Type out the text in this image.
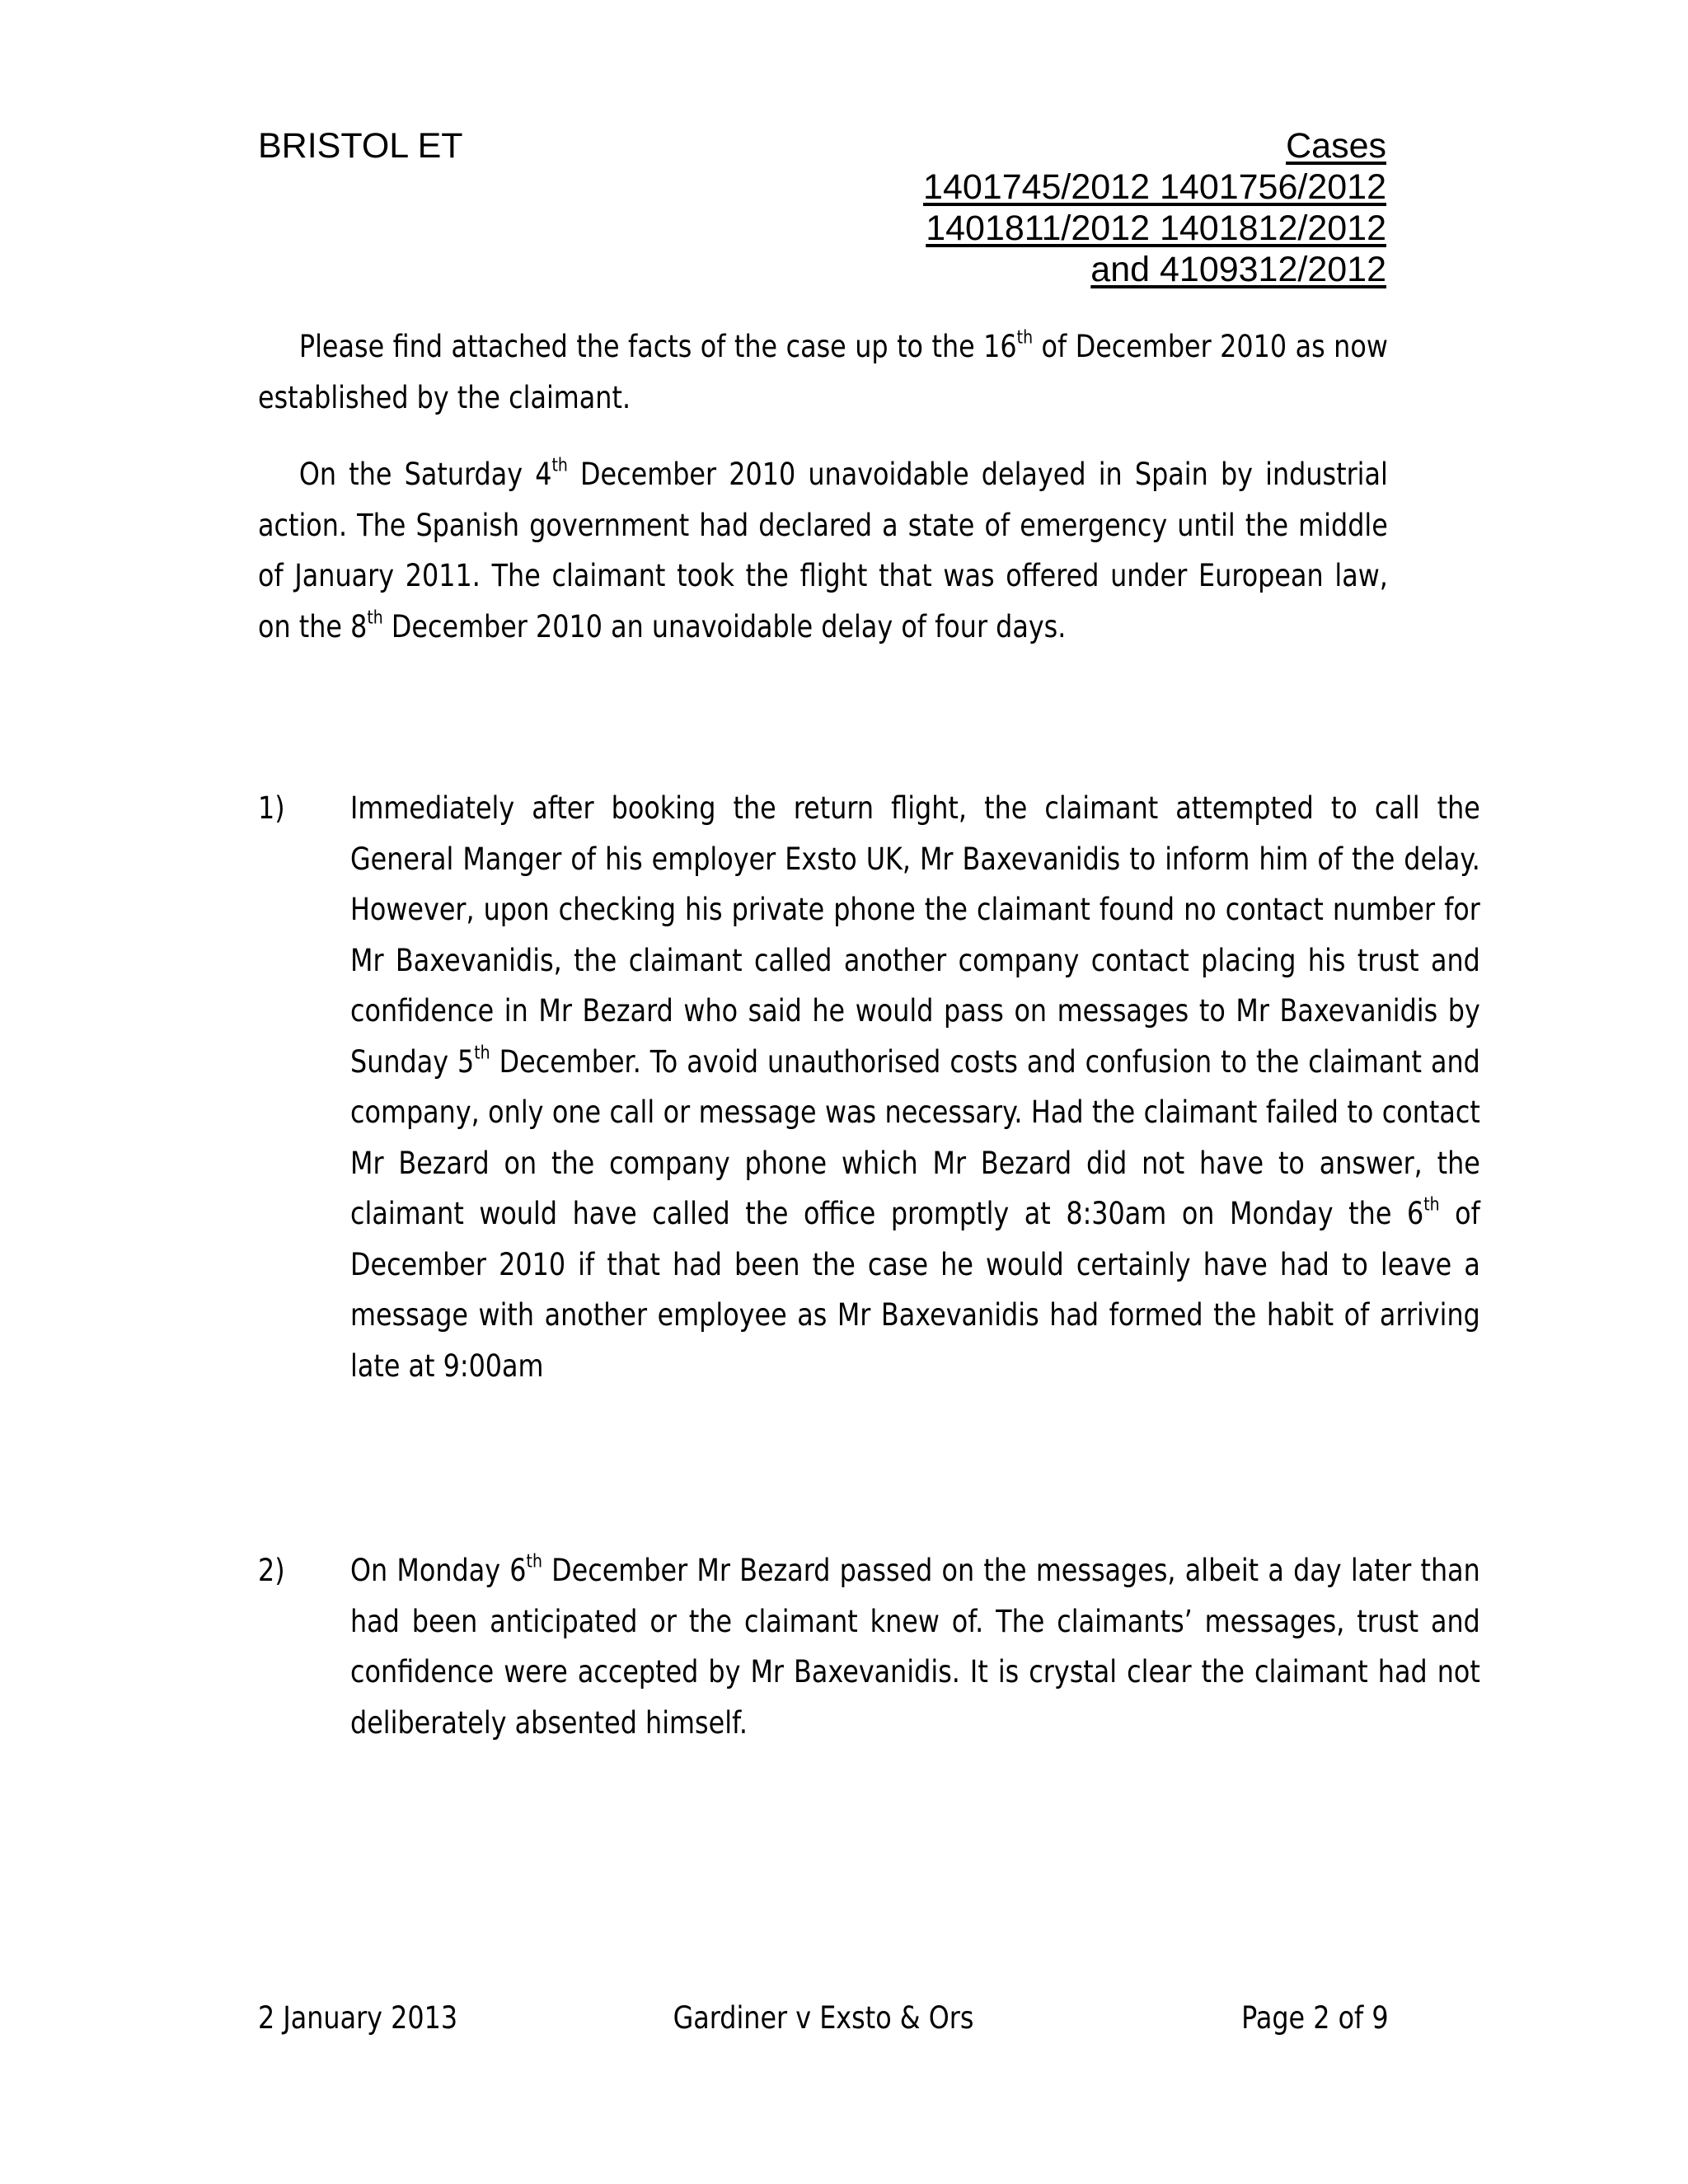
BRISTOL ET	Cases
1401745/2012 1401756/2012
1401811/2012 1401812/2012
and 4109312/2012
Please find attached the facts of the case up to the 16th of December 2010 as now established by the claimant.
On the Saturday 4th December 2010 unavoidable delayed in Spain by industrial action. The Spanish government had declared a state of emergency until the middle of January 2011. The claimant took the flight that was offered under European law, on the 8th December 2010 an unavoidable delay of four days.
1) Immediately after booking the return flight, the claimant attempted to call the General Manger of his employer Exsto UK, Mr Baxevanidis to inform him of the delay. However, upon checking his private phone the claimant found no contact number for Mr Baxevanidis, the claimant called another company contact placing his trust and confidence in Mr Bezard who said he would pass on messages to Mr Baxevanidis by Sunday 5th December. To avoid unauthorised costs and confusion to the claimant and company, only one call or message was necessary. Had the claimant failed to contact Mr Bezard on the company phone which Mr Bezard did not have to answer, the claimant would have called the office promptly at 8:30am on Monday the 6th of December 2010 if that had been the case he would certainly have had to leave a message with another employee as Mr Baxevanidis had formed the habit of arriving late at 9:00am
2) On Monday 6th December Mr Bezard passed on the messages, albeit a day later than had been anticipated or the claimant knew of. The claimants’ messages, trust and confidence were accepted by Mr Baxevanidis. It is crystal clear the claimant had not deliberately absented himself.
2 January 2013	Gardiner v Exsto & Ors	Page 2 of 9
